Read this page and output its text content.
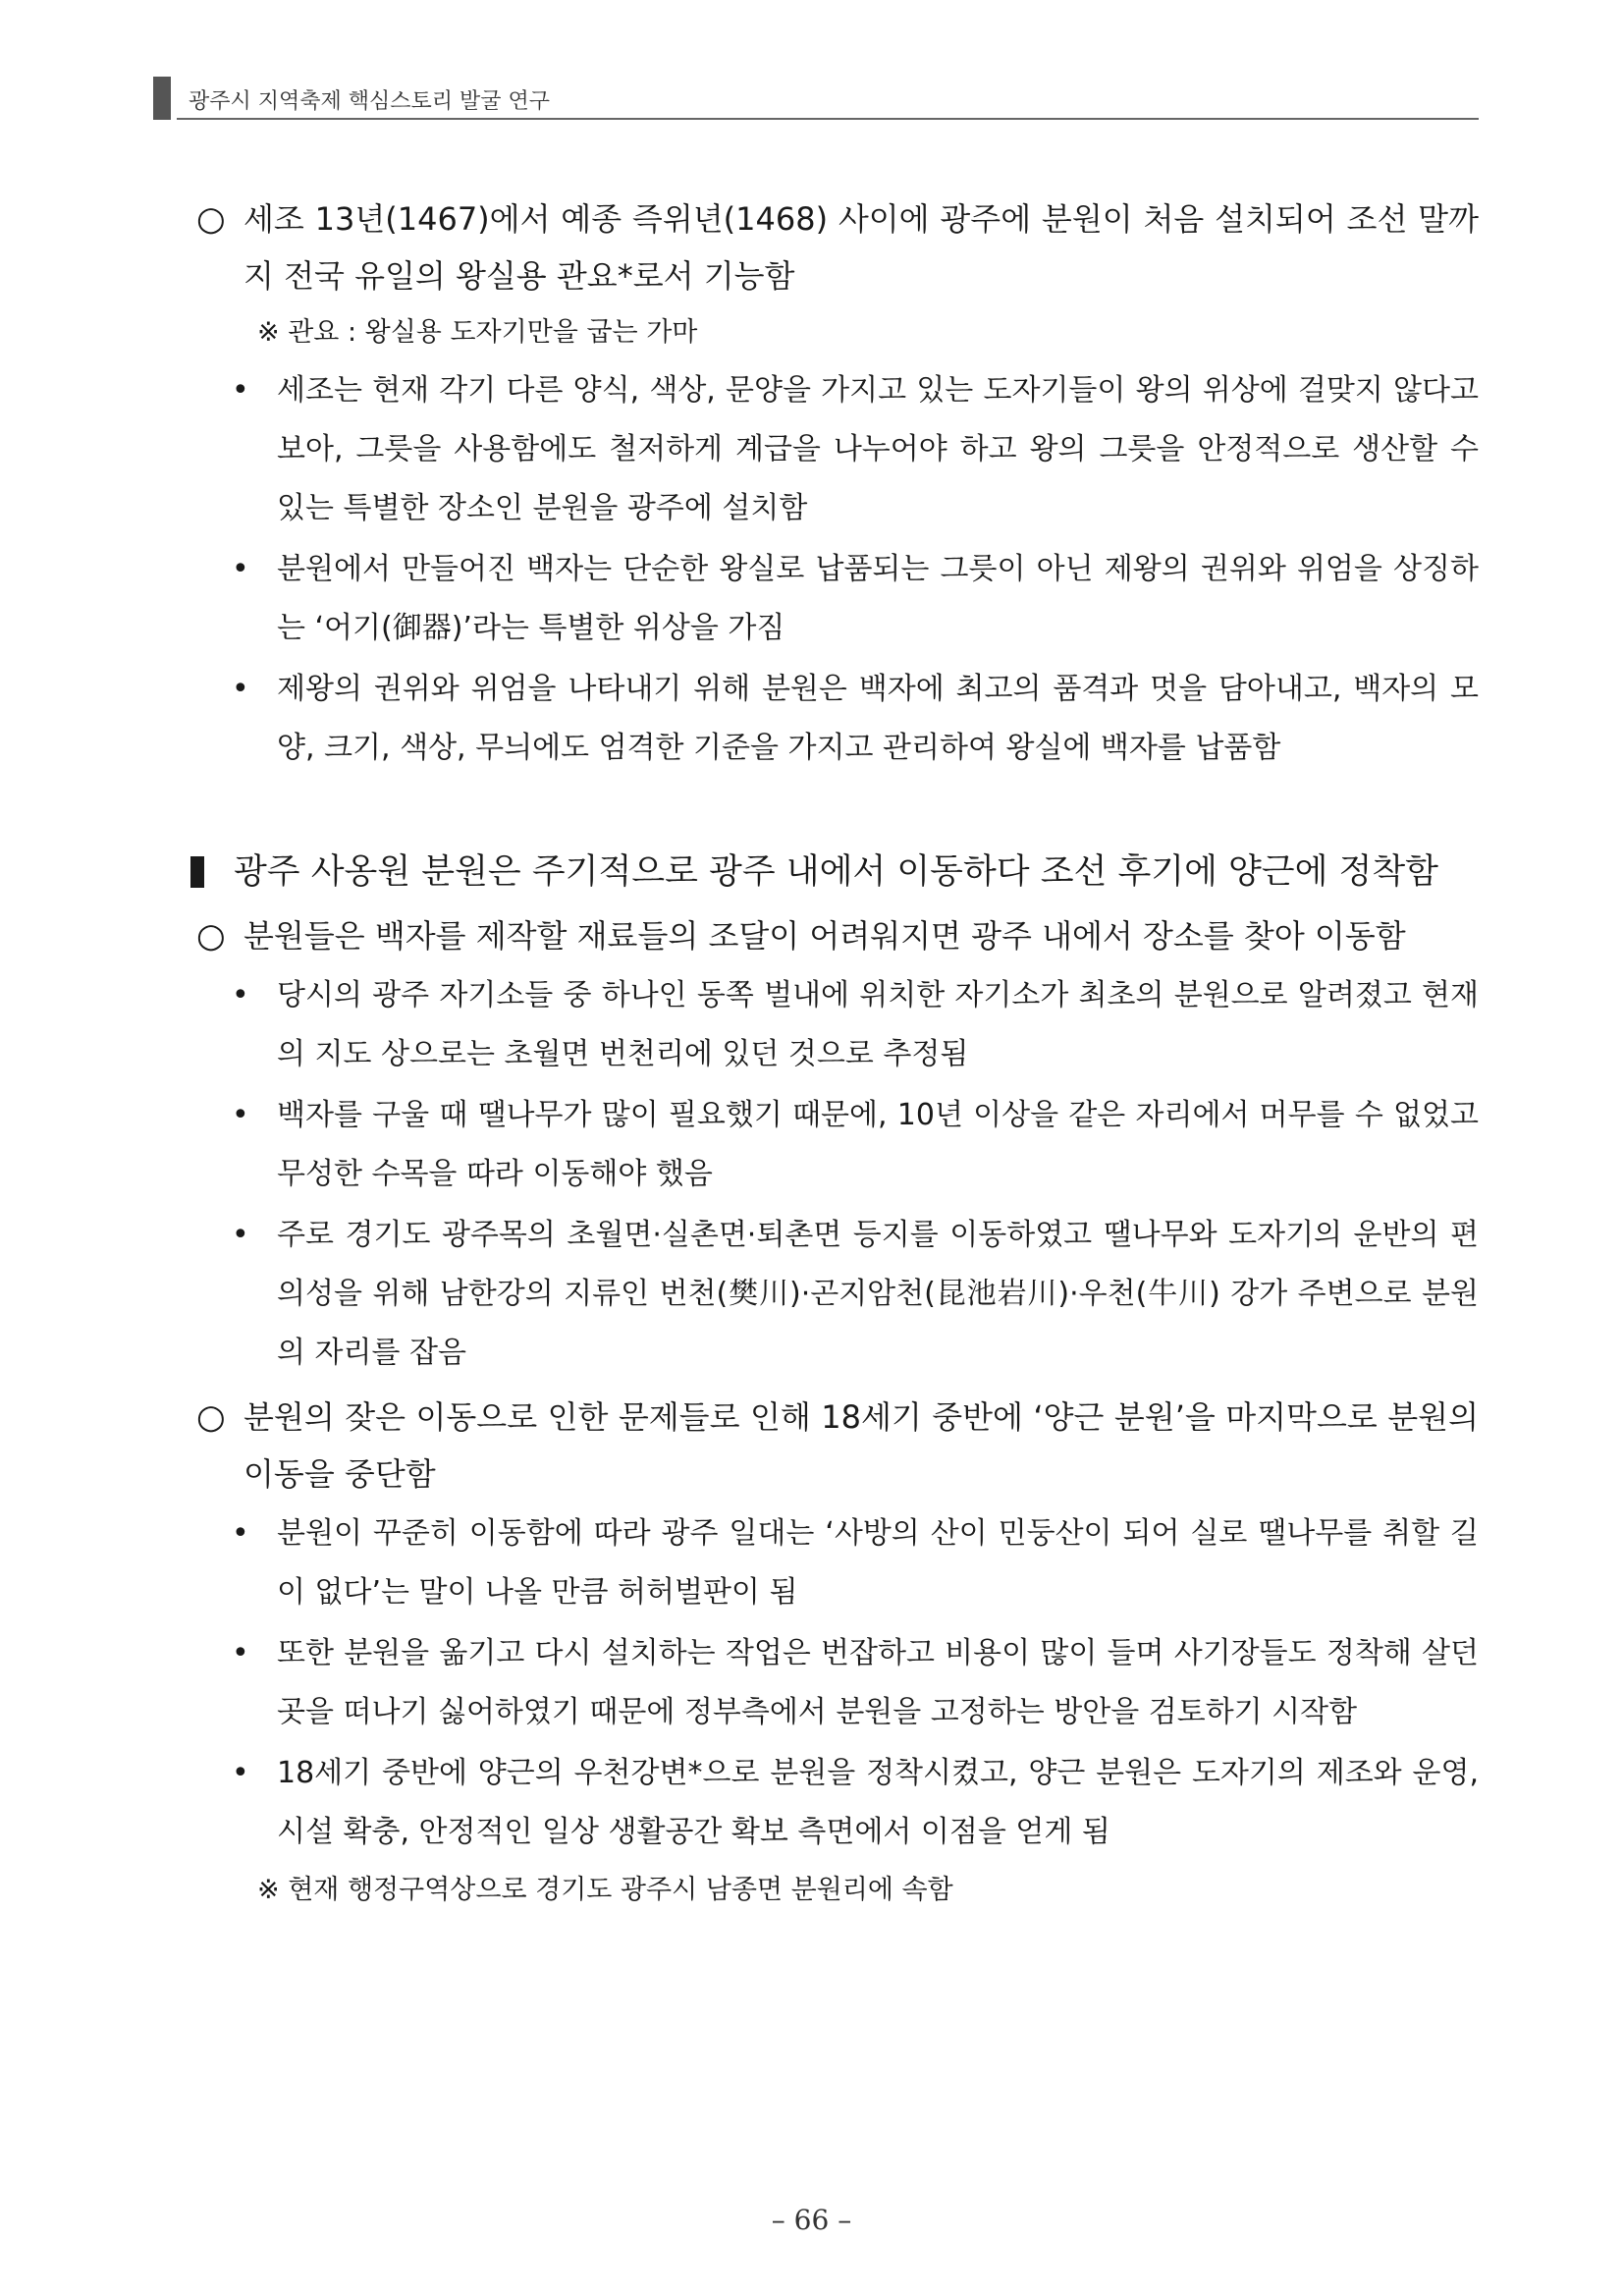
광주시 지역축제 핵심스토리 발굴 연구
○ 세조 13년(1467)에서 예종 즉위년(1468) 사이에 광주에 분원이 처음 설치되어 조선 말까지 전국 유일의 왕실용 관요*로서 기능함
※ 관요 : 왕실용 도자기만을 굽는 가마
• 세조는 현재 각기 다른 양식, 색상, 문양을 가지고 있는 도자기들이 왕의 위상에 걸맞지 않다고 보아, 그릇을 사용함에도 철저하게 계급을 나누어야 하고 왕의 그릇을 안정적으로 생산할 수 있는 특별한 장소인 분원을 광주에 설치함
• 분원에서 만들어진 백자는 단순한 왕실로 납품되는 그릇이 아닌 제왕의 권위와 위엄을 상징하는 ‘어기(御器)’라는 특별한 위상을 가짐
• 제왕의 권위와 위엄을 나타내기 위해 분원은 백자에 최고의 품격과 멋을 담아내고, 백자의 모양, 크기, 색상, 무늬에도 엄격한 기준을 가지고 관리하여 왕실에 백자를 납품함
광주 사옹원 분원은 주기적으로 광주 내에서 이동하다 조선 후기에 양근에 정착함
○ 분원들은 백자를 제작할 재료들의 조달이 어려워지면 광주 내에서 장소를 찾아 이동함
• 당시의 광주 자기소들 중 하나인 동쪽 벌내에 위치한 자기소가 최초의 분원으로 알려졌고 현재의 지도 상으로는 초월면 번천리에 있던 것으로 추정됨
• 백자를 구울 때 땔나무가 많이 필요했기 때문에, 10년 이상을 같은 자리에서 머무를 수 없었고 무성한 수목을 따라 이동해야 했음
• 주로 경기도 광주목의 초월면·실촌면·퇴촌면 등지를 이동하였고 땔나무와 도자기의 운반의 편의성을 위해 남한강의 지류인 번천(樊川)·곤지암천(昆池岩川)·우천(牛川) 강가 주변으로 분원의 자리를 잡음
○ 분원의 잦은 이동으로 인한 문제들로 인해 18세기 중반에 ‘양근 분원’을 마지막으로 분원의 이동을 중단함
• 분원이 꾸준히 이동함에 따라 광주 일대는 ‘사방의 산이 민둥산이 되어 실로 땔나무를 취할 길이 없다’는 말이 나올 만큼 허허벌판이 됨
• 또한 분원을 옮기고 다시 설치하는 작업은 번잡하고 비용이 많이 들며 사기장들도 정착해 살던 곳을 떠나기 싫어하였기 때문에 정부측에서 분원을 고정하는 방안을 검토하기 시작함
• 18세기 중반에 양근의 우천강변*으로 분원을 정착시켰고, 양근 분원은 도자기의 제조와 운영, 시설 확충, 안정적인 일상 생활공간 확보 측면에서 이점을 얻게 됨
※ 현재 행정구역상으로 경기도 광주시 남종면 분원리에 속함
– 66 –
